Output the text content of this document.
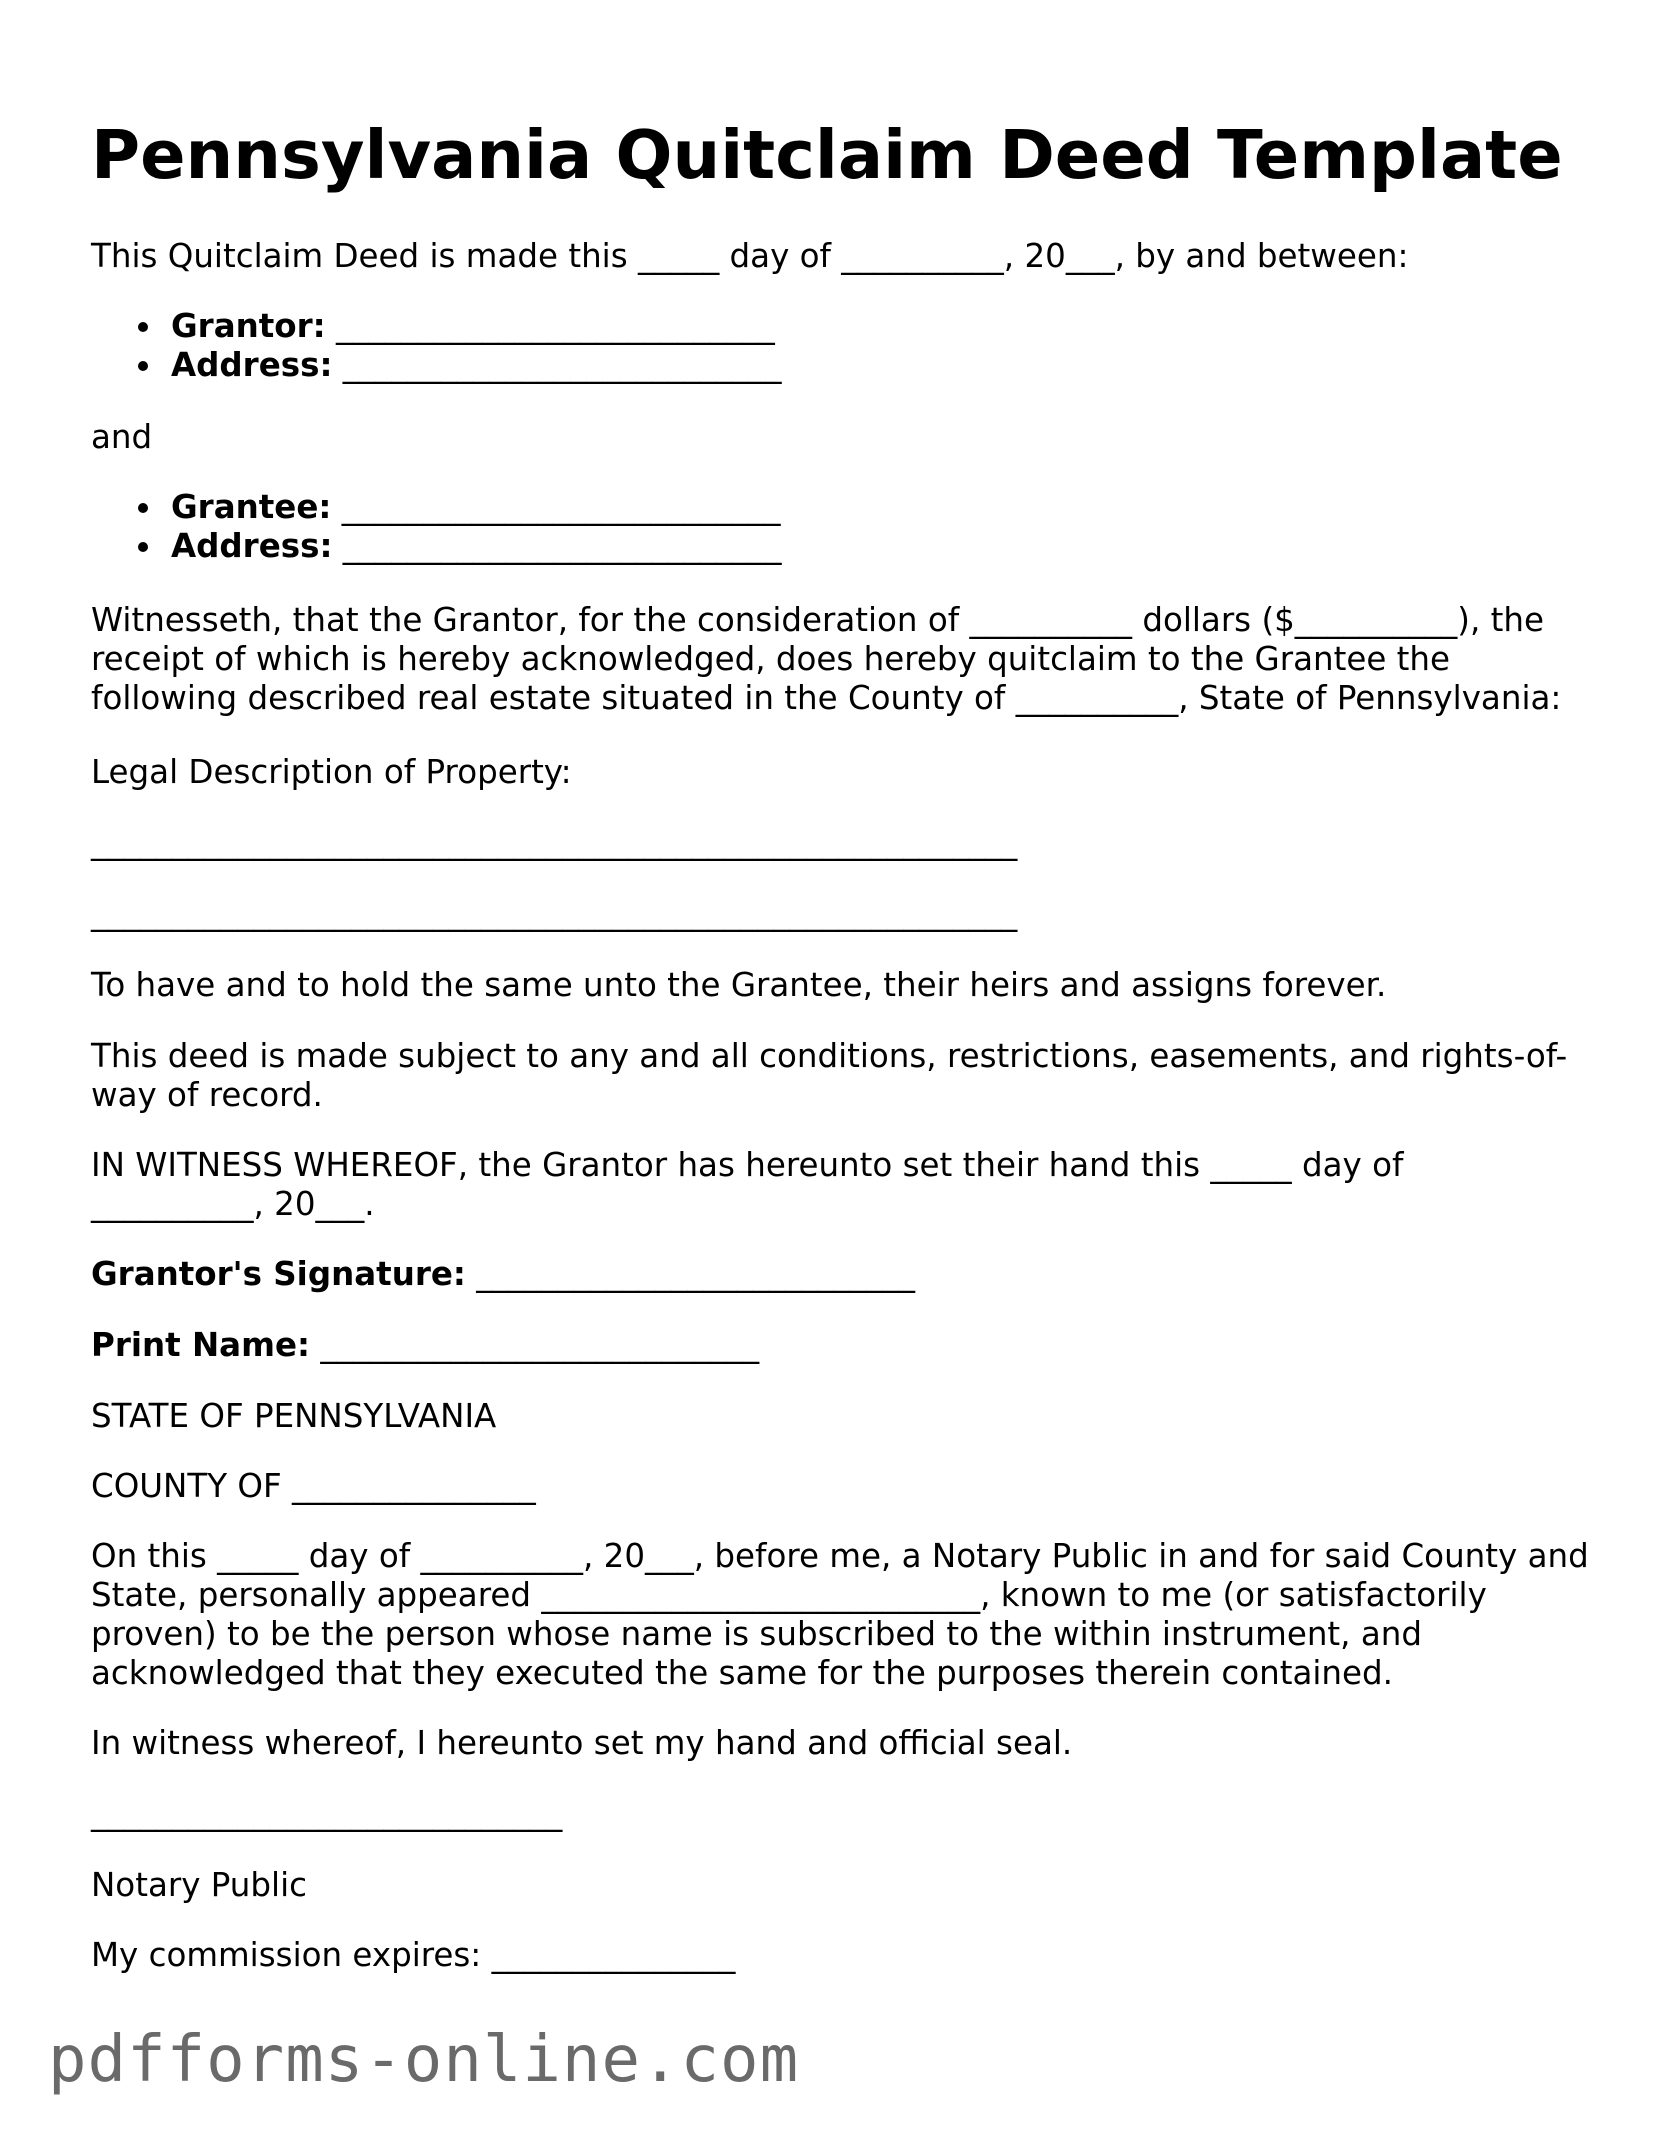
Pennsylvania Quitclaim Deed Template
This Quitclaim Deed is made this _____ day of __________, 20___, by and between:
Grantor: ___________________________
Address: ___________________________
and
Grantee: ___________________________
Address: ___________________________
Witnesseth, that the Grantor, for the consideration of __________ dollars ($__________), the receipt of which is hereby acknowledged, does hereby quitclaim to the Grantee the following described real estate situated in the County of __________, State of Pennsylvania:
Legal Description of Property:
_________________________________________________________
_________________________________________________________
To have and to hold the same unto the Grantee, their heirs and assigns forever.
This deed is made subject to any and all conditions, restrictions, easements, and rights-of-way of record.
IN WITNESS WHEREOF, the Grantor has hereunto set their hand this _____ day of __________, 20___.
Grantor's Signature: ___________________________
Print Name: ___________________________
STATE OF PENNSYLVANIA
COUNTY OF _______________
On this _____ day of __________, 20___, before me, a Notary Public in and for said County and State, personally appeared ___________________________, known to me (or satisfactorily proven) to be the person whose name is subscribed to the within instrument, and acknowledged that they executed the same for the purposes therein contained.
In witness whereof, I hereunto set my hand and official seal.
_____________________________
Notary Public
My commission expires: _______________
pdfforms-online.com
